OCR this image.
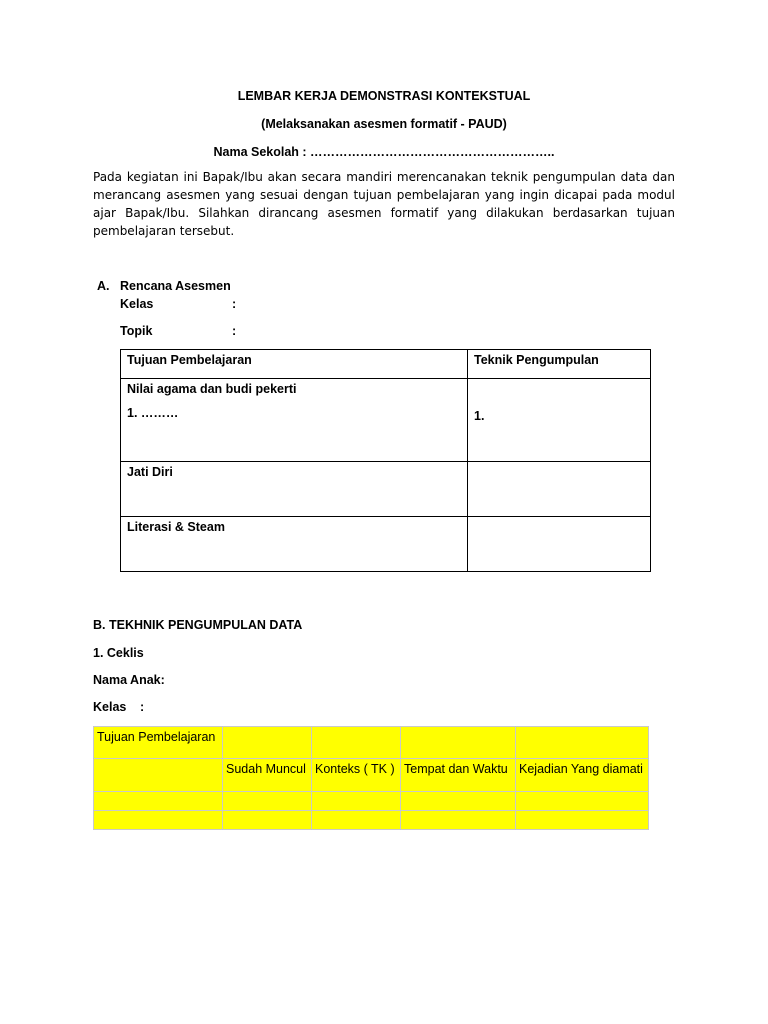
LEMBAR KERJA DEMONSTRASI KONTEKSTUAL
(Melaksanakan asesmen formatif - PAUD)
Nama Sekolah : …………………………………………………..
Pada kegiatan ini Bapak/Ibu akan secara mandiri merencanakan teknik pengumpulan data dan merancang asesmen yang sesuai dengan tujuan pembelajaran yang ingin dicapai pada modul ajar Bapak/Ibu. Silahkan dirancang asesmen formatif yang dilakukan berdasarkan tujuan pembelajaran tersebut.
A. Rencana Asesmen
Kelas	:
Topik	:
Tujuan Pembelajaran	Teknik Pengumpulan

Nilai agama dan budi pekerti
1. ………	1.

Jati Diri	
Literasi & Steam	
B. TEKHNIK PENGUMPULAN DATA
1. Ceklis
Nama Anak:
Kelas :
Tujuan Pembelajaran				
	Sudah Muncul	Konteks ( TK )	Tempat dan Waktu	Kejadian Yang diamati
